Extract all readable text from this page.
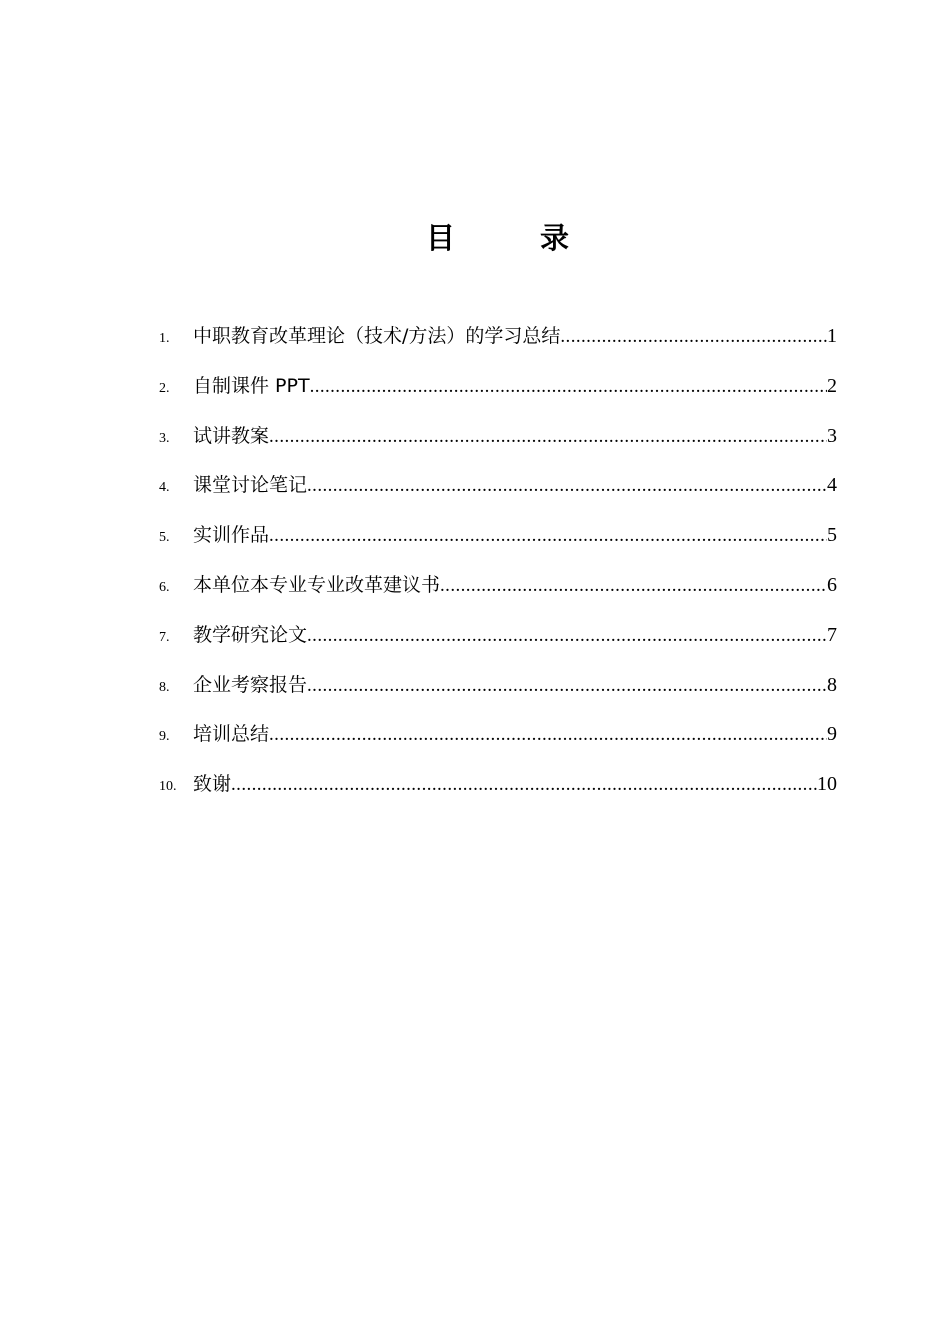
目	录
1.	中职教育改革理论（技术/方法）的学习总结 .....	1
2.	自制课件 PPT .....	2
3.	试讲教案 .....	3
4.	课堂讨论笔记 .....	4
5.	实训作品 .....	5
6.	本单位本专业专业改革建议书 .....	6
7.	教学研究论文 .....	7
8.	企业考察报告 .....	8
9.	培训总结 .....	9
10. 致谢 .....	10
